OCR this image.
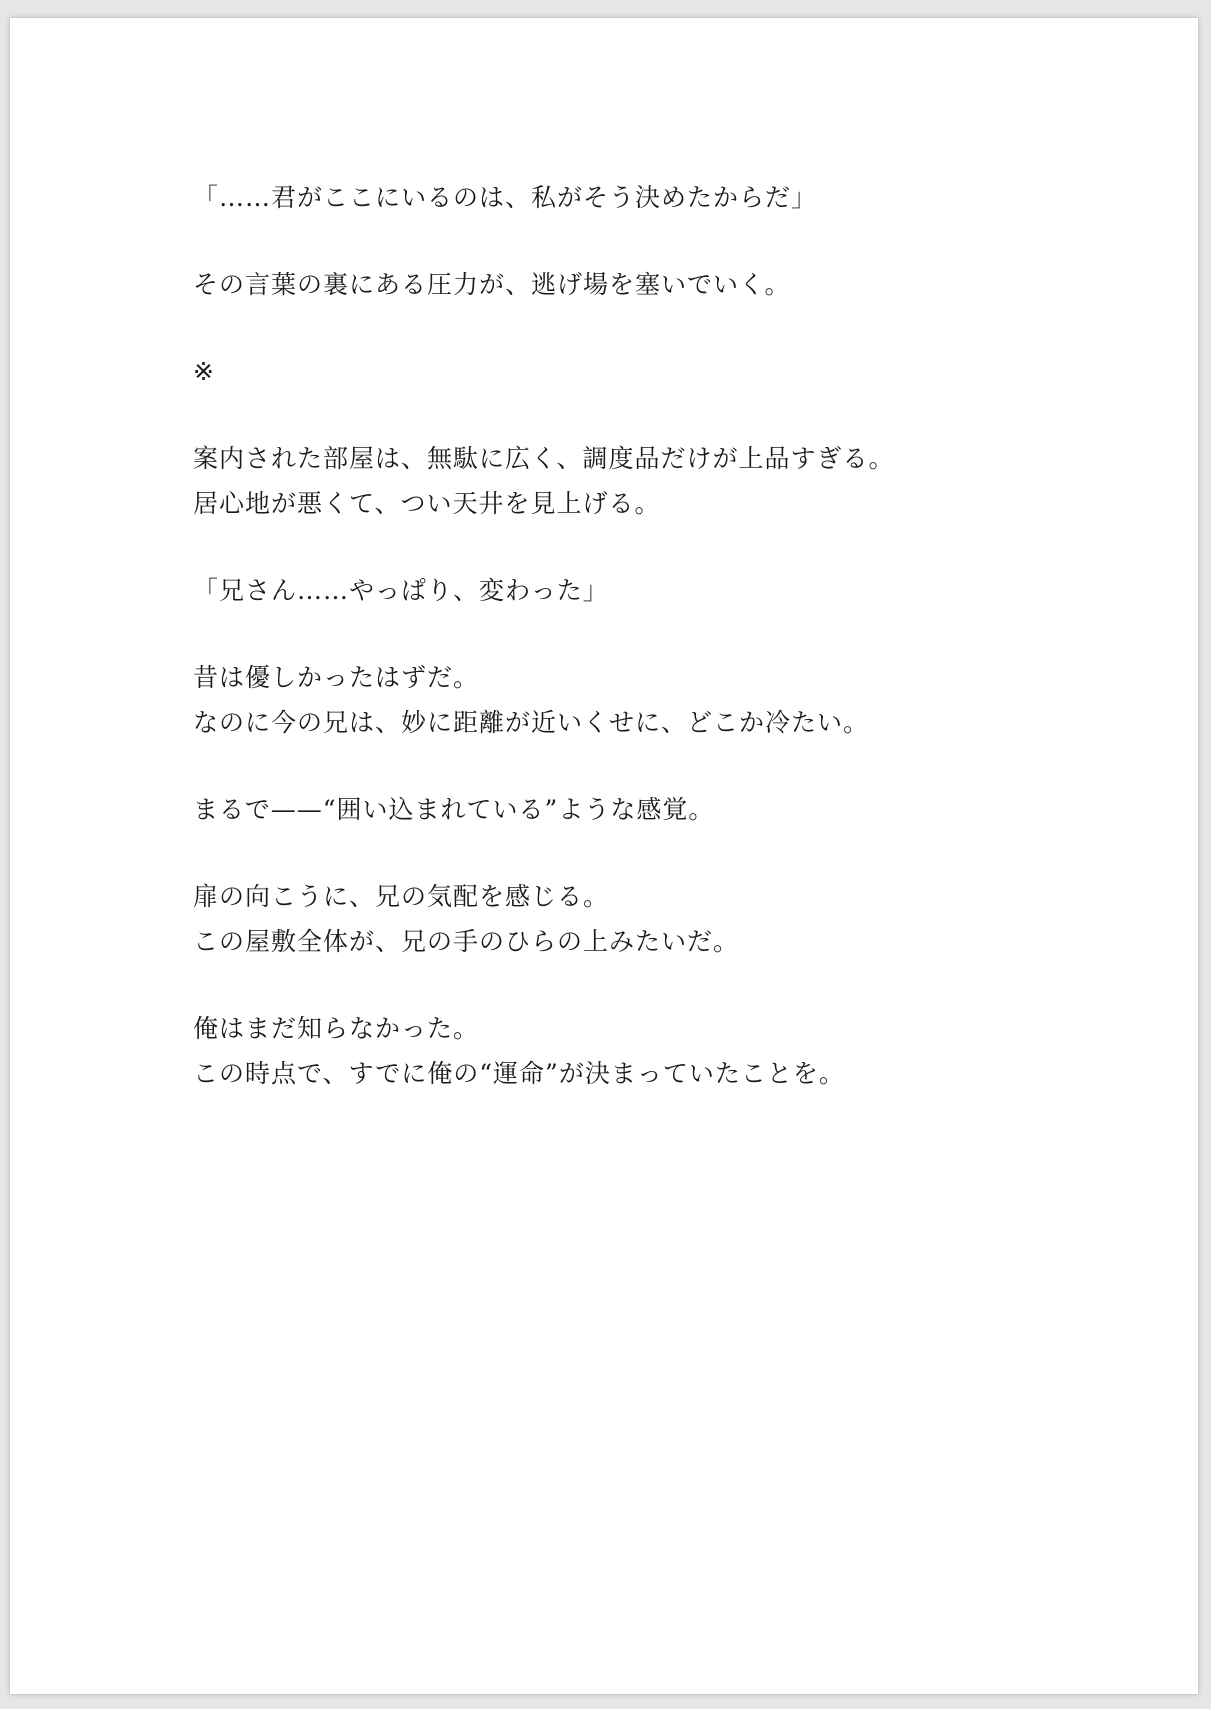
「……君がここにいるのは、私がそう決めたからだ」
その言葉の裏にある圧力が、逃げ場を塞いでいく。
※
案内された部屋は、無駄に広く、調度品だけが上品すぎる。
居心地が悪くて、つい天井を見上げる。
「兄さん……やっぱり、変わった」
昔は優しかったはずだ。
なのに今の兄は、妙に距離が近いくせに、どこか冷たい。
まるで——“囲い込まれている”ような感覚。
扉の向こうに、兄の気配を感じる。
この屋敷全体が、兄の手のひらの上みたいだ。
俺はまだ知らなかった。
この時点で、すでに俺の“運命”が決まっていたことを。
